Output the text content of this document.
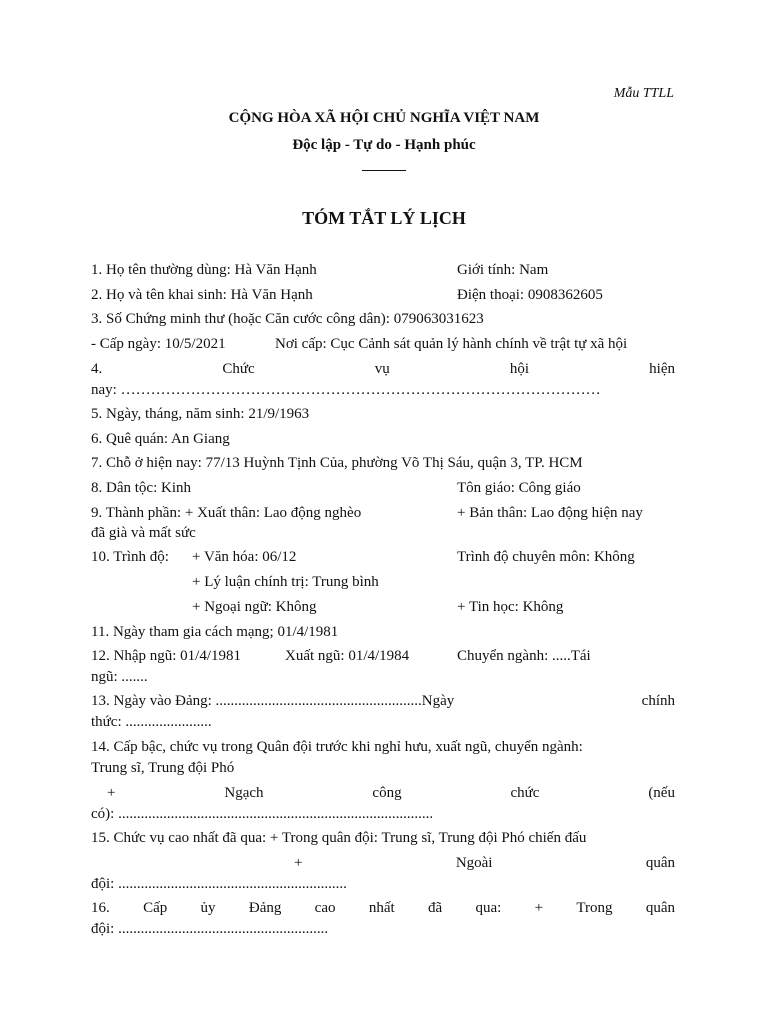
Mẫu TTLL
CỘNG HÒA XÃ HỘI CHỦ NGHĨA VIỆT NAM
Độc lập - Tự do - Hạnh phúc
TÓM TẮT LÝ LỊCH
1. Họ tên thường dùng: Hà Văn Hạnh	Giới tính: Nam
2. Họ và tên khai sinh: Hà Văn Hạnh	Điện thoại: 0908362605
3. Số Chứng minh thư (hoặc Căn cước công dân): 079063031623
- Cấp ngày: 10/5/2021	Nơi cấp: Cục Cảnh sát quản lý hành chính về trật tự xã hội
4.	Chức	vụ	hội	hiện
nay: ……………………………………………………………………………………
5. Ngày, tháng, năm sinh: 21/9/1963
6. Quê quán: An Giang
7. Chỗ ở hiện nay: 77/13 Huỳnh Tịnh Của, phường Võ Thị Sáu, quận 3, TP. HCM
8. Dân tộc: Kinh	Tôn giáo: Công giáo
9. Thành phần: + Xuất thân: Lao động nghèo	+ Bản thân: Lao động hiện nay
đã già và mất sức
10. Trình độ: + Văn hóa: 06/12	Trình độ chuyên môn: Không
+ Lý luận chính trị: Trung bình
+ Ngoại ngữ: Không	+ Tin học: Không
11. Ngày tham gia cách mạng; 01/4/1981
12. Nhập ngũ: 01/4/1981	Xuất ngũ: 01/4/1984	Chuyển ngành: .....Tái
ngũ: .......
13. Ngày vào Đảng: .......................................................Ngày	chính
thức: .......................
14. Cấp bậc, chức vụ trong Quân đội trước khi nghỉ hưu, xuất ngũ, chuyển ngành:
Trung sĩ, Trung đội Phó
+	Ngạch	công	chức	(nếu
có): ....................................................................................
15. Chức vụ cao nhất đã qua: + Trong quân đội: Trung sĩ, Trung đội Phó chiến đấu
+	Ngoài	quân
đội: .............................................................
16. Cấp ủy Đảng cao nhất đã qua: + Trong quân
đội: ........................................................
